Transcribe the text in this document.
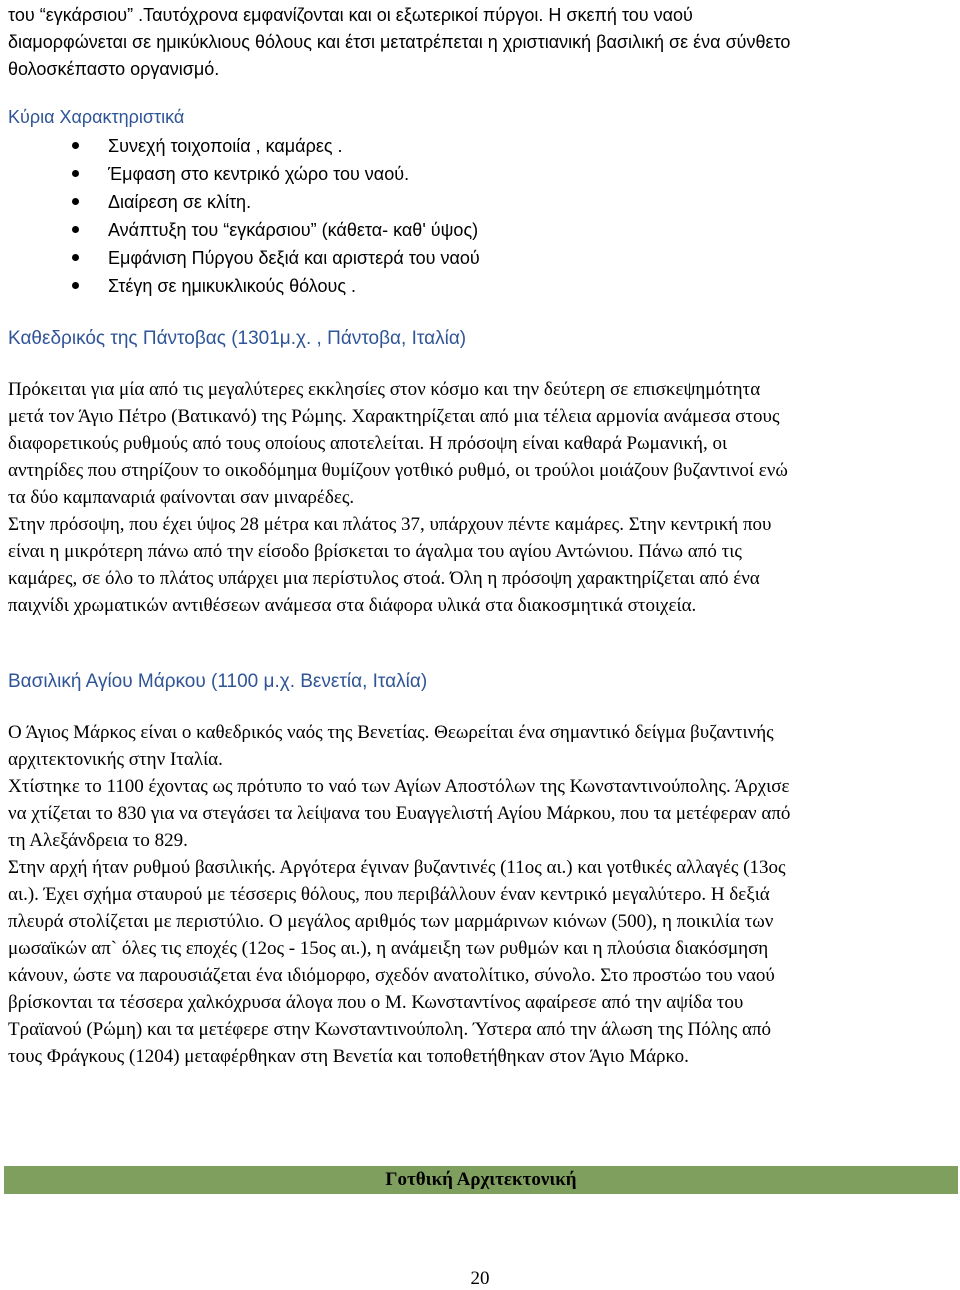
του “εγκάρσιου” .Ταυτόχρονα εμφανίζονται και οι εξωτερικοί πύργοι. Η σκεπή του ναού

διαμορφώνεται σε ημικύκλιους θόλους και έτσι μετατρέπεται η χριστιανική βασιλική σε ένα σύνθετο

θολοσκέπαστο οργανισμό.

Κύρια Χαρακτηριστικά
Συνεχή τοιχοποιία , καμάρες .
Έμφαση στο κεντρικό χώρο του ναού.
Διαίρεση σε κλίτη.
Ανάπτυξη του “εγκάρσιου” (κάθετα- καθ' ύψος)
Εμφάνιση Πύργου δεξιά και αριστερά του ναού
Στέγη σε ημικυκλικούς θόλους .
Καθεδρικός της Πάντοβας (1301μ.χ. , Πάντοβα, Ιταλία)

Πρόκειται για μία από τις μεγαλύτερες εκκλησίες στον κόσμο και την δεύτερη σε επισκεψημότητα

μετά τον Άγιο Πέτρο (Βατικανό) της Ρώμης. Χαρακτηρίζεται από μια τέλεια αρμονία ανάμεσα στους

διαφορετικούς ρυθμούς από τους οποίους αποτελείται. Η πρόσοψη είναι καθαρά Ρωμανική, οι

αντηρίδες που στηρίζουν το οικοδόμημα θυμίζουν γοτθικό ρυθμό, οι τρούλοι μοιάζουν βυζαντινοί ενώ

τα δύο καμπαναριά φαίνονται σαν μιναρέδες.

Στην πρόσοψη, που έχει ύψος 28 μέτρα και πλάτος 37, υπάρχουν πέντε καμάρες. Στην κεντρική που

είναι η μικρότερη πάνω από την είσοδο βρίσκεται το άγαλμα του αγίου Αντώνιου. Πάνω από τις

καμάρες, σε όλο το πλάτος υπάρχει μια περίστυλος στοά. Όλη η πρόσοψη χαρακτηρίζεται από ένα

παιχνίδι χρωματικών αντιθέσεων ανάμεσα στα διάφορα υλικά στα διακοσμητικά στοιχεία.

Βασιλική Αγίου Μάρκου (1100 μ.χ. Βενετία, Ιταλία)

Ο Άγιος Μάρκος είναι ο καθεδρικός ναός της Βενετίας. Θεωρείται ένα σημαντικό δείγμα βυζαντινής

αρχιτεκτονικής στην Ιταλία.

Χτίστηκε το 1100 έχοντας ως πρότυπο το ναό των Αγίων Αποστόλων της Κωνσταντινούπολης. Άρχισε

να χτίζεται το 830 για να στεγάσει τα λείψανα του Ευαγγελιστή Αγίου Μάρκου, που τα μετέφεραν από

τη Αλεξάνδρεια το 829.

Στην αρχή ήταν ρυθμού βασιλικής. Αργότερα έγιναν βυζαντινές (11ος αι.) και γοτθικές αλλαγές (13ος

αι.). Έχει σχήμα σταυρού με τέσσερις θόλους, που περιβάλλουν έναν κεντρικό μεγαλύτερο. Η δεξιά

πλευρά στολίζεται με περιστύλιο. Ο μεγάλος αριθμός των μαρμάρινων κιόνων (500), η ποικιλία των

μωσαϊκών απ` όλες τις εποχές (12ος - 15ος αι.), η ανάμειξη των ρυθμών και η πλούσια διακόσμηση

κάνουν, ώστε να παρουσιάζεται ένα ιδιόμορφο, σχεδόν ανατολίτικο, σύνολο. Στο προστώο του ναού

βρίσκονται τα τέσσερα χαλκόχρυσα άλογα που ο Μ. Κωνσταντίνος αφαίρεσε από την αψίδα του

Τραϊανού (Ρώμη) και τα μετέφερε στην Κωνσταντινούπολη. Ύστερα από την άλωση της Πόλης από

τους Φράγκους (1204) μεταφέρθηκαν στη Βενετία και τοποθετήθηκαν στον Άγιο Μάρκο.

Γοτθική Αρχιτεκτονική
20
